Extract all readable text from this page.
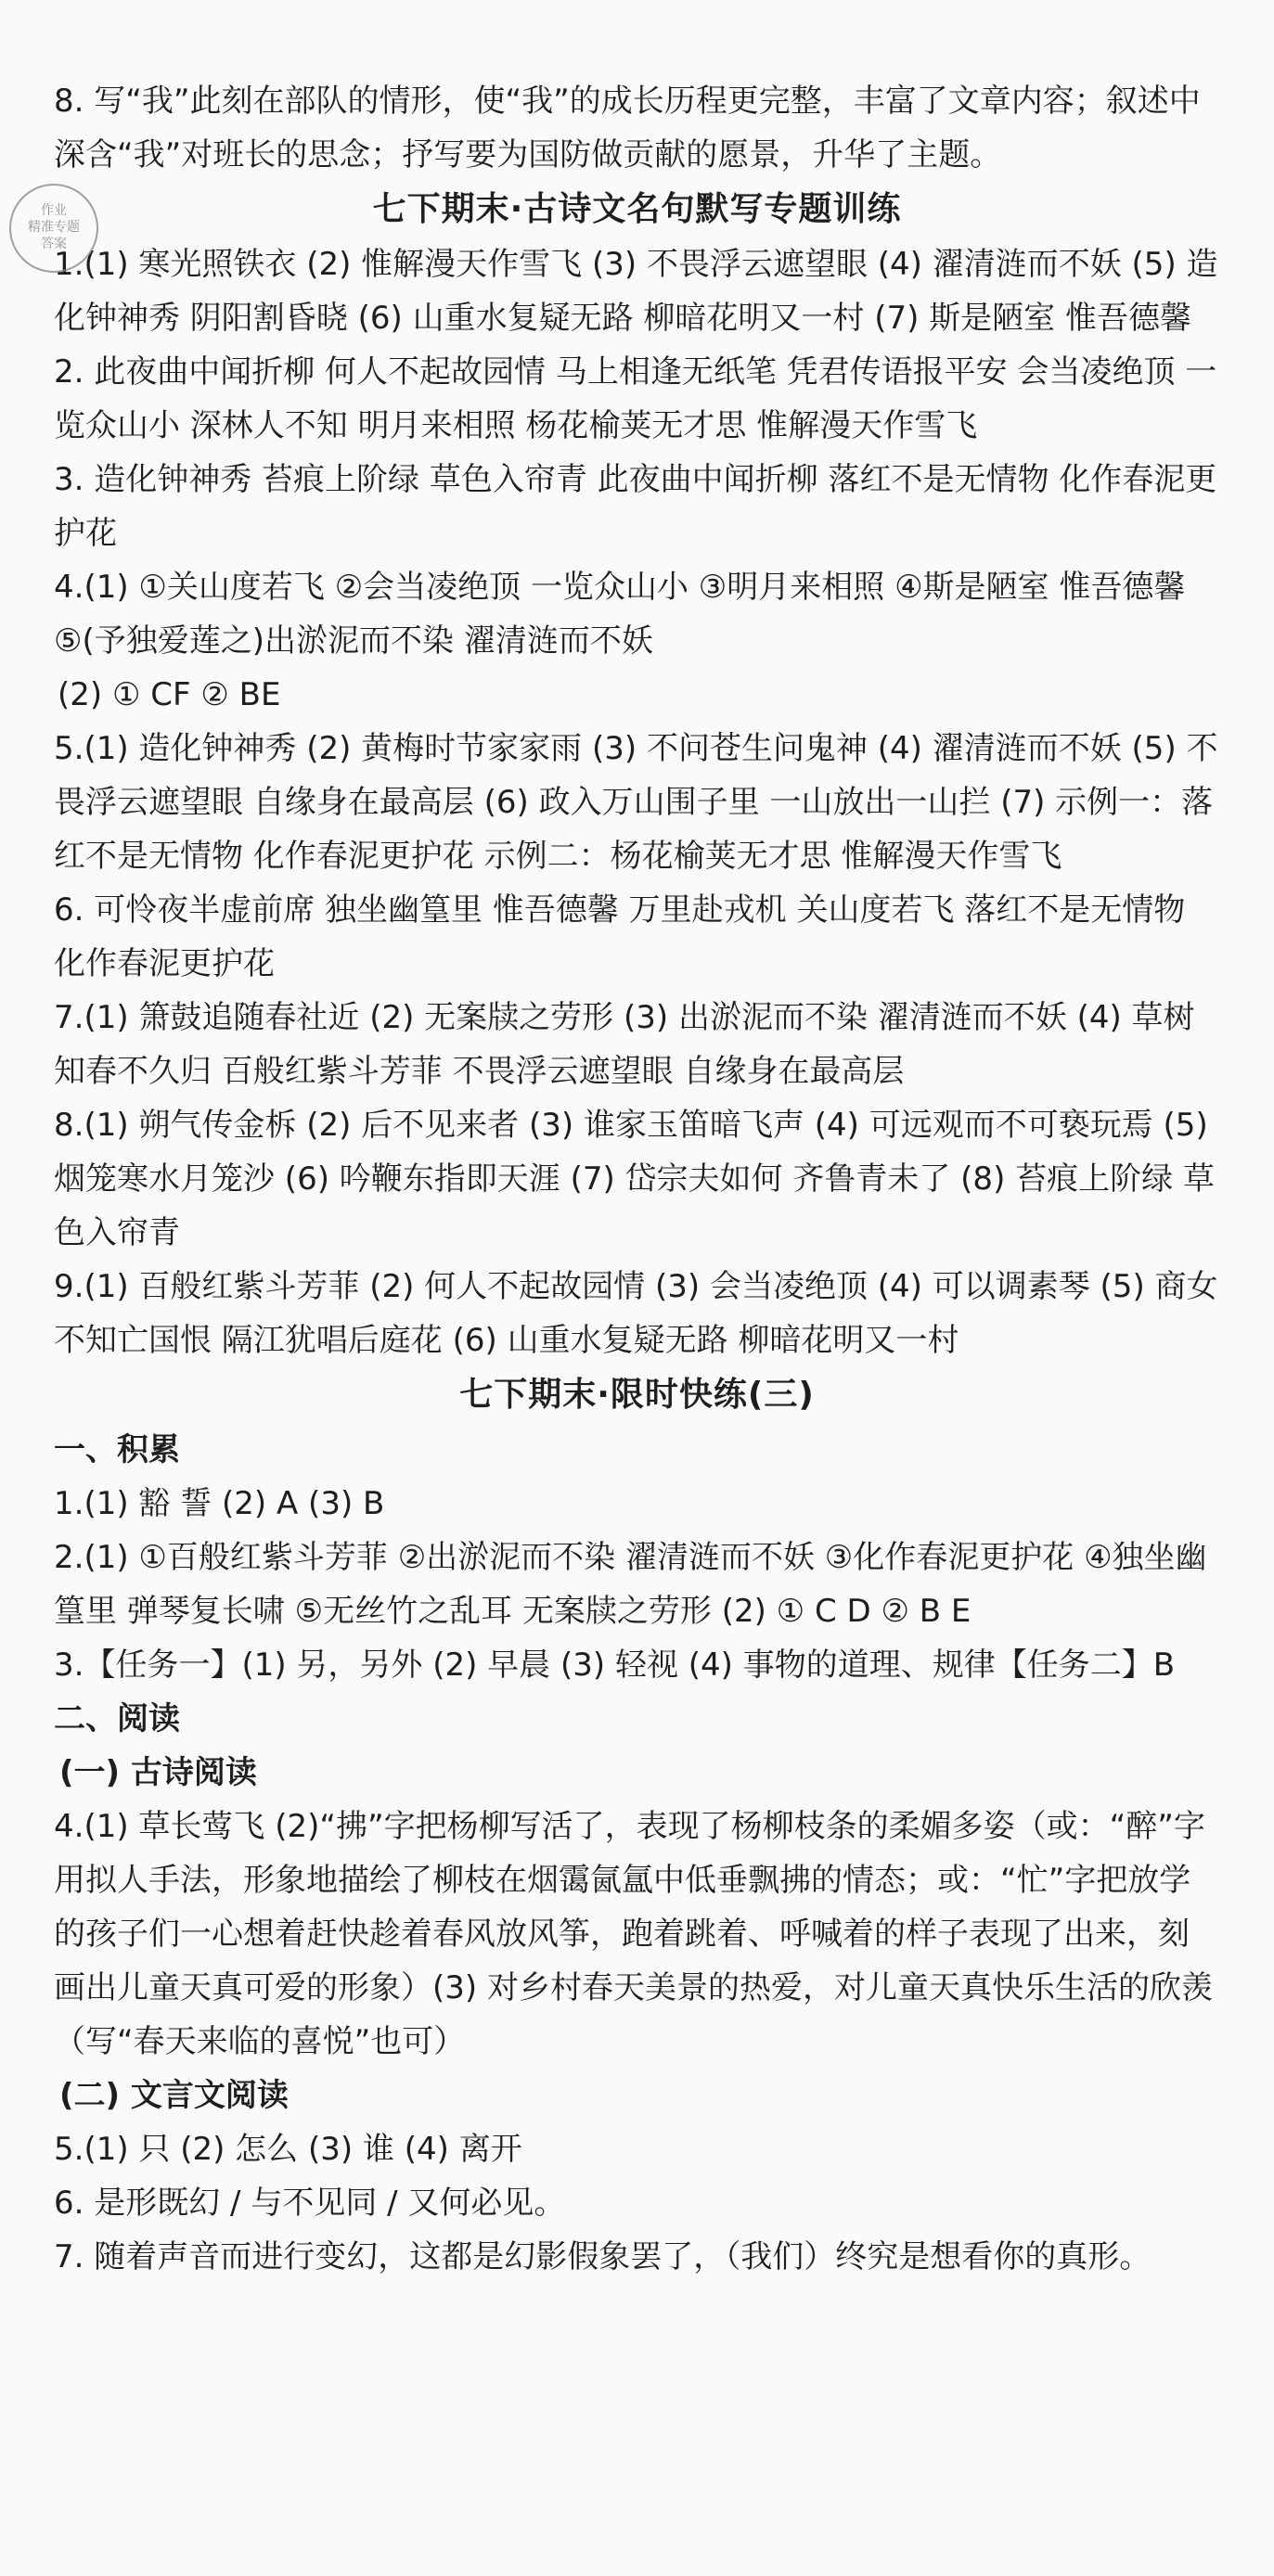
作业
精准专题
答案

8. 写“我”此刻在部队的情形，使“我”的成长历程更完整，丰富了文章内容；叙述中深含“我”对班长的思念；抒写要为国防做贡献的愿景，升华了主题。

七下期末·古诗文名句默写专题训练

1.(1) 寒光照铁衣 (2) 惟解漫天作雪飞 (3) 不畏浮云遮望眼 (4) 濯清涟而不妖 (5) 造化钟神秀 阴阳割昏晓 (6) 山重水复疑无路 柳暗花明又一村 (7) 斯是陋室 惟吾德馨

2. 此夜曲中闻折柳 何人不起故园情 马上相逢无纸笔 凭君传语报平安 会当凌绝顶 一览众山小 深林人不知 明月来相照 杨花榆荚无才思 惟解漫天作雪飞

3. 造化钟神秀 苔痕上阶绿 草色入帘青 此夜曲中闻折柳 落红不是无情物 化作春泥更护花

4.(1) ①关山度若飞 ②会当凌绝顶 一览众山小 ③明月来相照 ④斯是陋室 惟吾德馨 ⑤(予独爱莲之)出淤泥而不染 濯清涟而不妖

(2) ① CF ② BE

5.(1) 造化钟神秀 (2) 黄梅时节家家雨 (3) 不问苍生问鬼神 (4) 濯清涟而不妖 (5) 不畏浮云遮望眼 自缘身在最高层 (6) 政入万山围子里 一山放出一山拦 (7) 示例一：落红不是无情物 化作春泥更护花 示例二：杨花榆荚无才思 惟解漫天作雪飞

6. 可怜夜半虚前席 独坐幽篁里 惟吾德馨 万里赴戎机 关山度若飞 落红不是无情物 化作春泥更护花

7.(1) 箫鼓追随春社近 (2) 无案牍之劳形 (3) 出淤泥而不染 濯清涟而不妖 (4) 草树知春不久归 百般红紫斗芳菲 不畏浮云遮望眼 自缘身在最高层

8.(1) 朔气传金柝 (2) 后不见来者 (3) 谁家玉笛暗飞声 (4) 可远观而不可亵玩焉 (5) 烟笼寒水月笼沙 (6) 吟鞭东指即天涯 (7) 岱宗夫如何 齐鲁青未了 (8) 苔痕上阶绿 草色入帘青

9.(1) 百般红紫斗芳菲 (2) 何人不起故园情 (3) 会当凌绝顶 (4) 可以调素琴 (5) 商女不知亡国恨 隔江犹唱后庭花 (6) 山重水复疑无路 柳暗花明又一村

七下期末·限时快练(三)

一、积累

1.(1) 豁 誓 (2) A (3) B

2.(1) ①百般红紫斗芳菲 ②出淤泥而不染 濯清涟而不妖 ③化作春泥更护花 ④独坐幽篁里 弹琴复长啸 ⑤无丝竹之乱耳 无案牍之劳形 (2) ① C D ② B E

3.【任务一】(1) 另，另外 (2) 早晨 (3) 轻视 (4) 事物的道理、规律【任务二】B

二、阅读

(一) 古诗阅读

4.(1) 草长莺飞 (2)“拂”字把杨柳写活了，表现了杨柳枝条的柔媚多姿（或：“醉”字用拟人手法，形象地描绘了柳枝在烟霭氤氲中低垂飘拂的情态；或：“忙”字把放学的孩子们一心想着赶快趁着春风放风筝，跑着跳着、呼喊着的样子表现了出来，刻画出儿童天真可爱的形象）(3) 对乡村春天美景的热爱，对儿童天真快乐生活的欣羡（写“春天来临的喜悦”也可）

(二) 文言文阅读

5.(1) 只 (2) 怎么 (3) 谁 (4) 离开

6. 是形既幻 / 与不见同 / 又何必见。

7. 随着声音而进行变幻，这都是幻影假象罢了，（我们）终究是想看你的真形。
